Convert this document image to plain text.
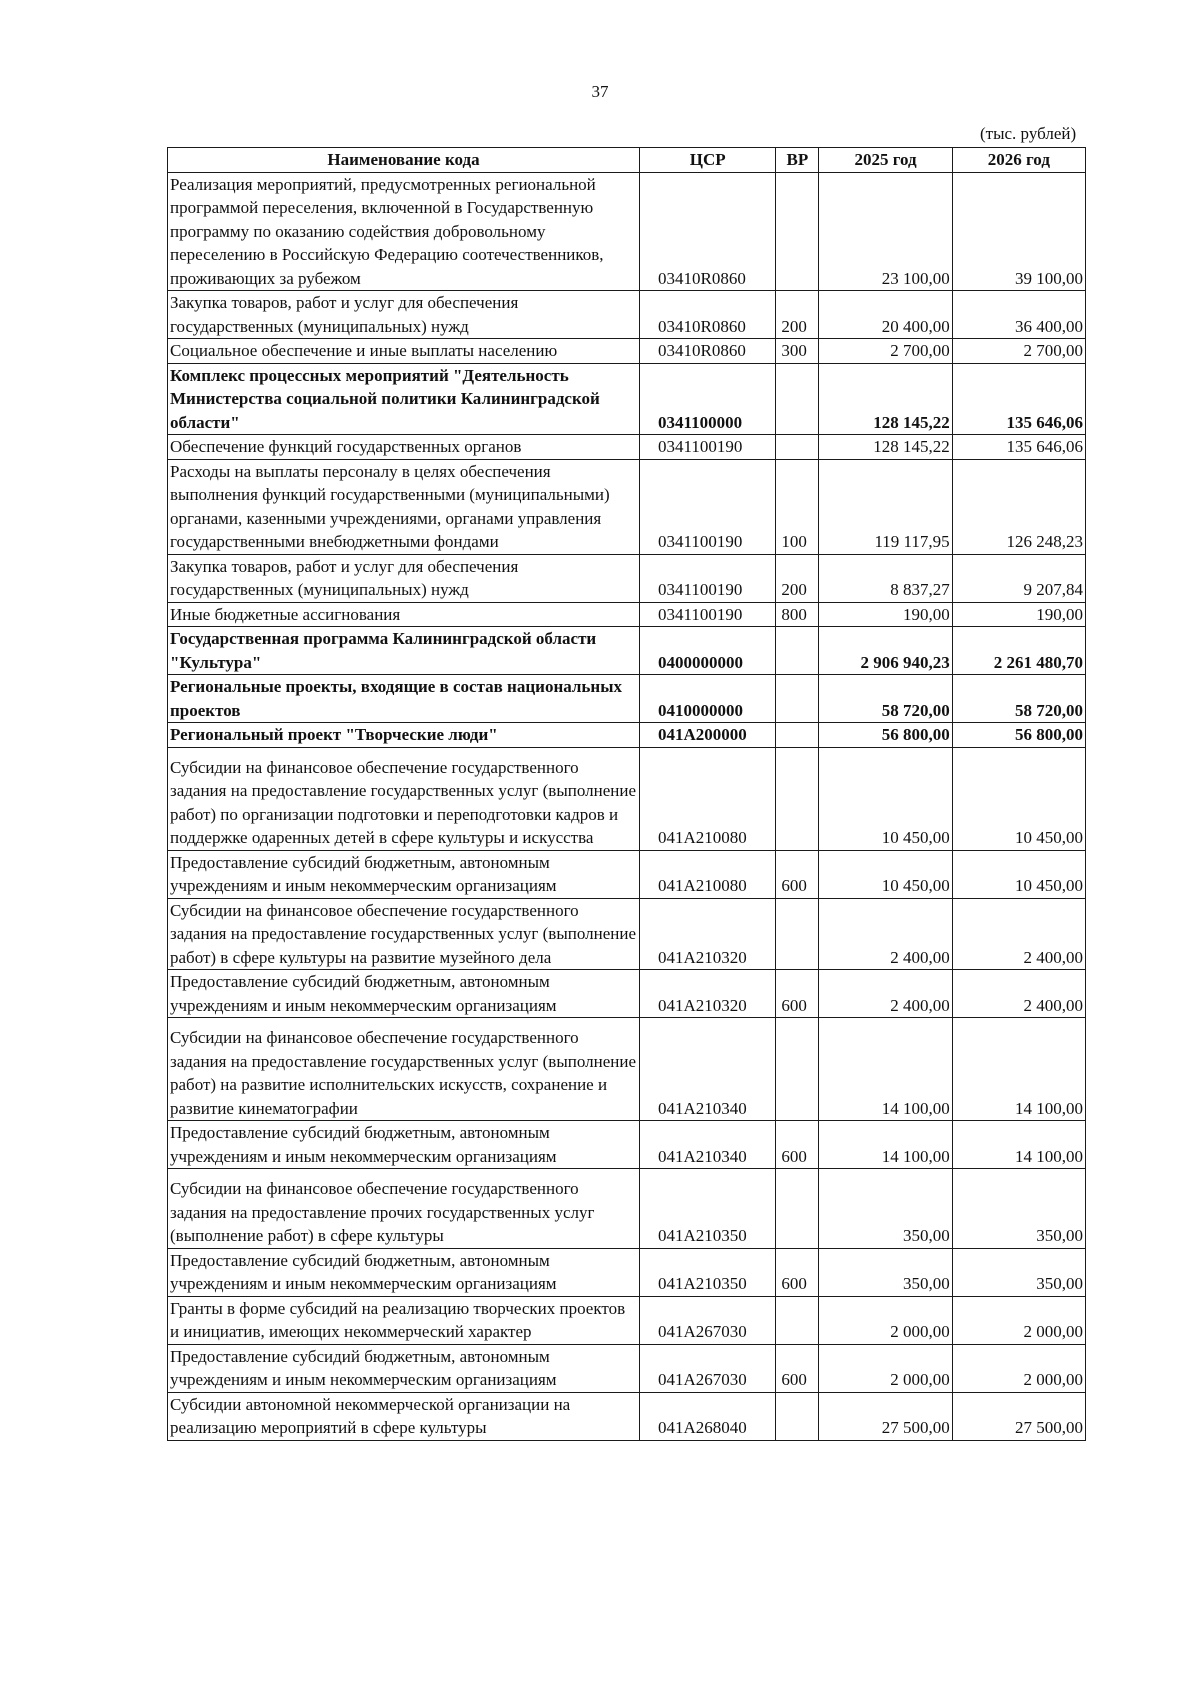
37
(тыс. рублей)
Наименование кода	ЦСР	ВР	2025 год	2026 год
Реализация мероприятий, предусмотренных региональной программой переселения, включенной в Государственную программу по оказанию содействия добровольному переселению в Российскую Федерацию соотечественников, проживающих за рубежом	03410R0860		23 100,00	39 100,00
Закупка товаров, работ и услуг для обеспечения государственных (муниципальных) нужд	03410R0860	200	20 400,00	36 400,00
Социальное обеспечение и иные выплаты населению	03410R0860	300	2 700,00	2 700,00
Комплекс процессных мероприятий "Деятельность Министерства социальной политики Калининградской области"	0341100000		128 145,22	135 646,06
Обеспечение функций государственных органов	0341100190		128 145,22	135 646,06
Расходы на выплаты персоналу в целях обеспечения выполнения функций государственными (муниципальными) органами, казенными учреждениями, органами управления государственными внебюджетными фондами	0341100190	100	119 117,95	126 248,23
Закупка товаров, работ и услуг для обеспечения государственных (муниципальных) нужд	0341100190	200	8 837,27	9 207,84
Иные бюджетные ассигнования	0341100190	800	190,00	190,00
Государственная программа Калининградской области "Культура"	0400000000		2 906 940,23	2 261 480,70
Региональные проекты, входящие в состав национальных проектов	0410000000		58 720,00	58 720,00
Региональный проект "Творческие люди"	041A200000		56 800,00	56 800,00
Субсидии на финансовое обеспечение государственного задания на предоставление государственных услуг (выполнение работ) по организации подготовки и переподготовки кадров и поддержке одаренных детей в сфере культуры и искусства	041A210080		10 450,00	10 450,00
Предоставление субсидий бюджетным, автономным учреждениям и иным некоммерческим организациям	041A210080	600	10 450,00	10 450,00
Субсидии на финансовое обеспечение государственного задания на предоставление государственных услуг (выполнение работ) в сфере культуры на развитие музейного дела	041A210320		2 400,00	2 400,00
Предоставление субсидий бюджетным, автономным учреждениям и иным некоммерческим организациям	041A210320	600	2 400,00	2 400,00
Субсидии на финансовое обеспечение государственного задания на предоставление государственных услуг (выполнение работ) на развитие исполнительских искусств, сохранение и развитие кинематографии	041A210340		14 100,00	14 100,00
Предоставление субсидий бюджетным, автономным учреждениям и иным некоммерческим организациям	041A210340	600	14 100,00	14 100,00
Субсидии на финансовое обеспечение государственного задания на предоставление прочих государственных услуг (выполнение работ) в сфере культуры	041A210350		350,00	350,00
Предоставление субсидий бюджетным, автономным учреждениям и иным некоммерческим организациям	041A210350	600	350,00	350,00
Гранты в форме субсидий на реализацию творческих проектов и инициатив, имеющих некоммерческий характер	041A267030		2 000,00	2 000,00
Предоставление субсидий бюджетным, автономным учреждениям и иным некоммерческим организациям	041A267030	600	2 000,00	2 000,00
Субсидии автономной некоммерческой организации на реализацию мероприятий в сфере культуры	041A268040		27 500,00	27 500,00
